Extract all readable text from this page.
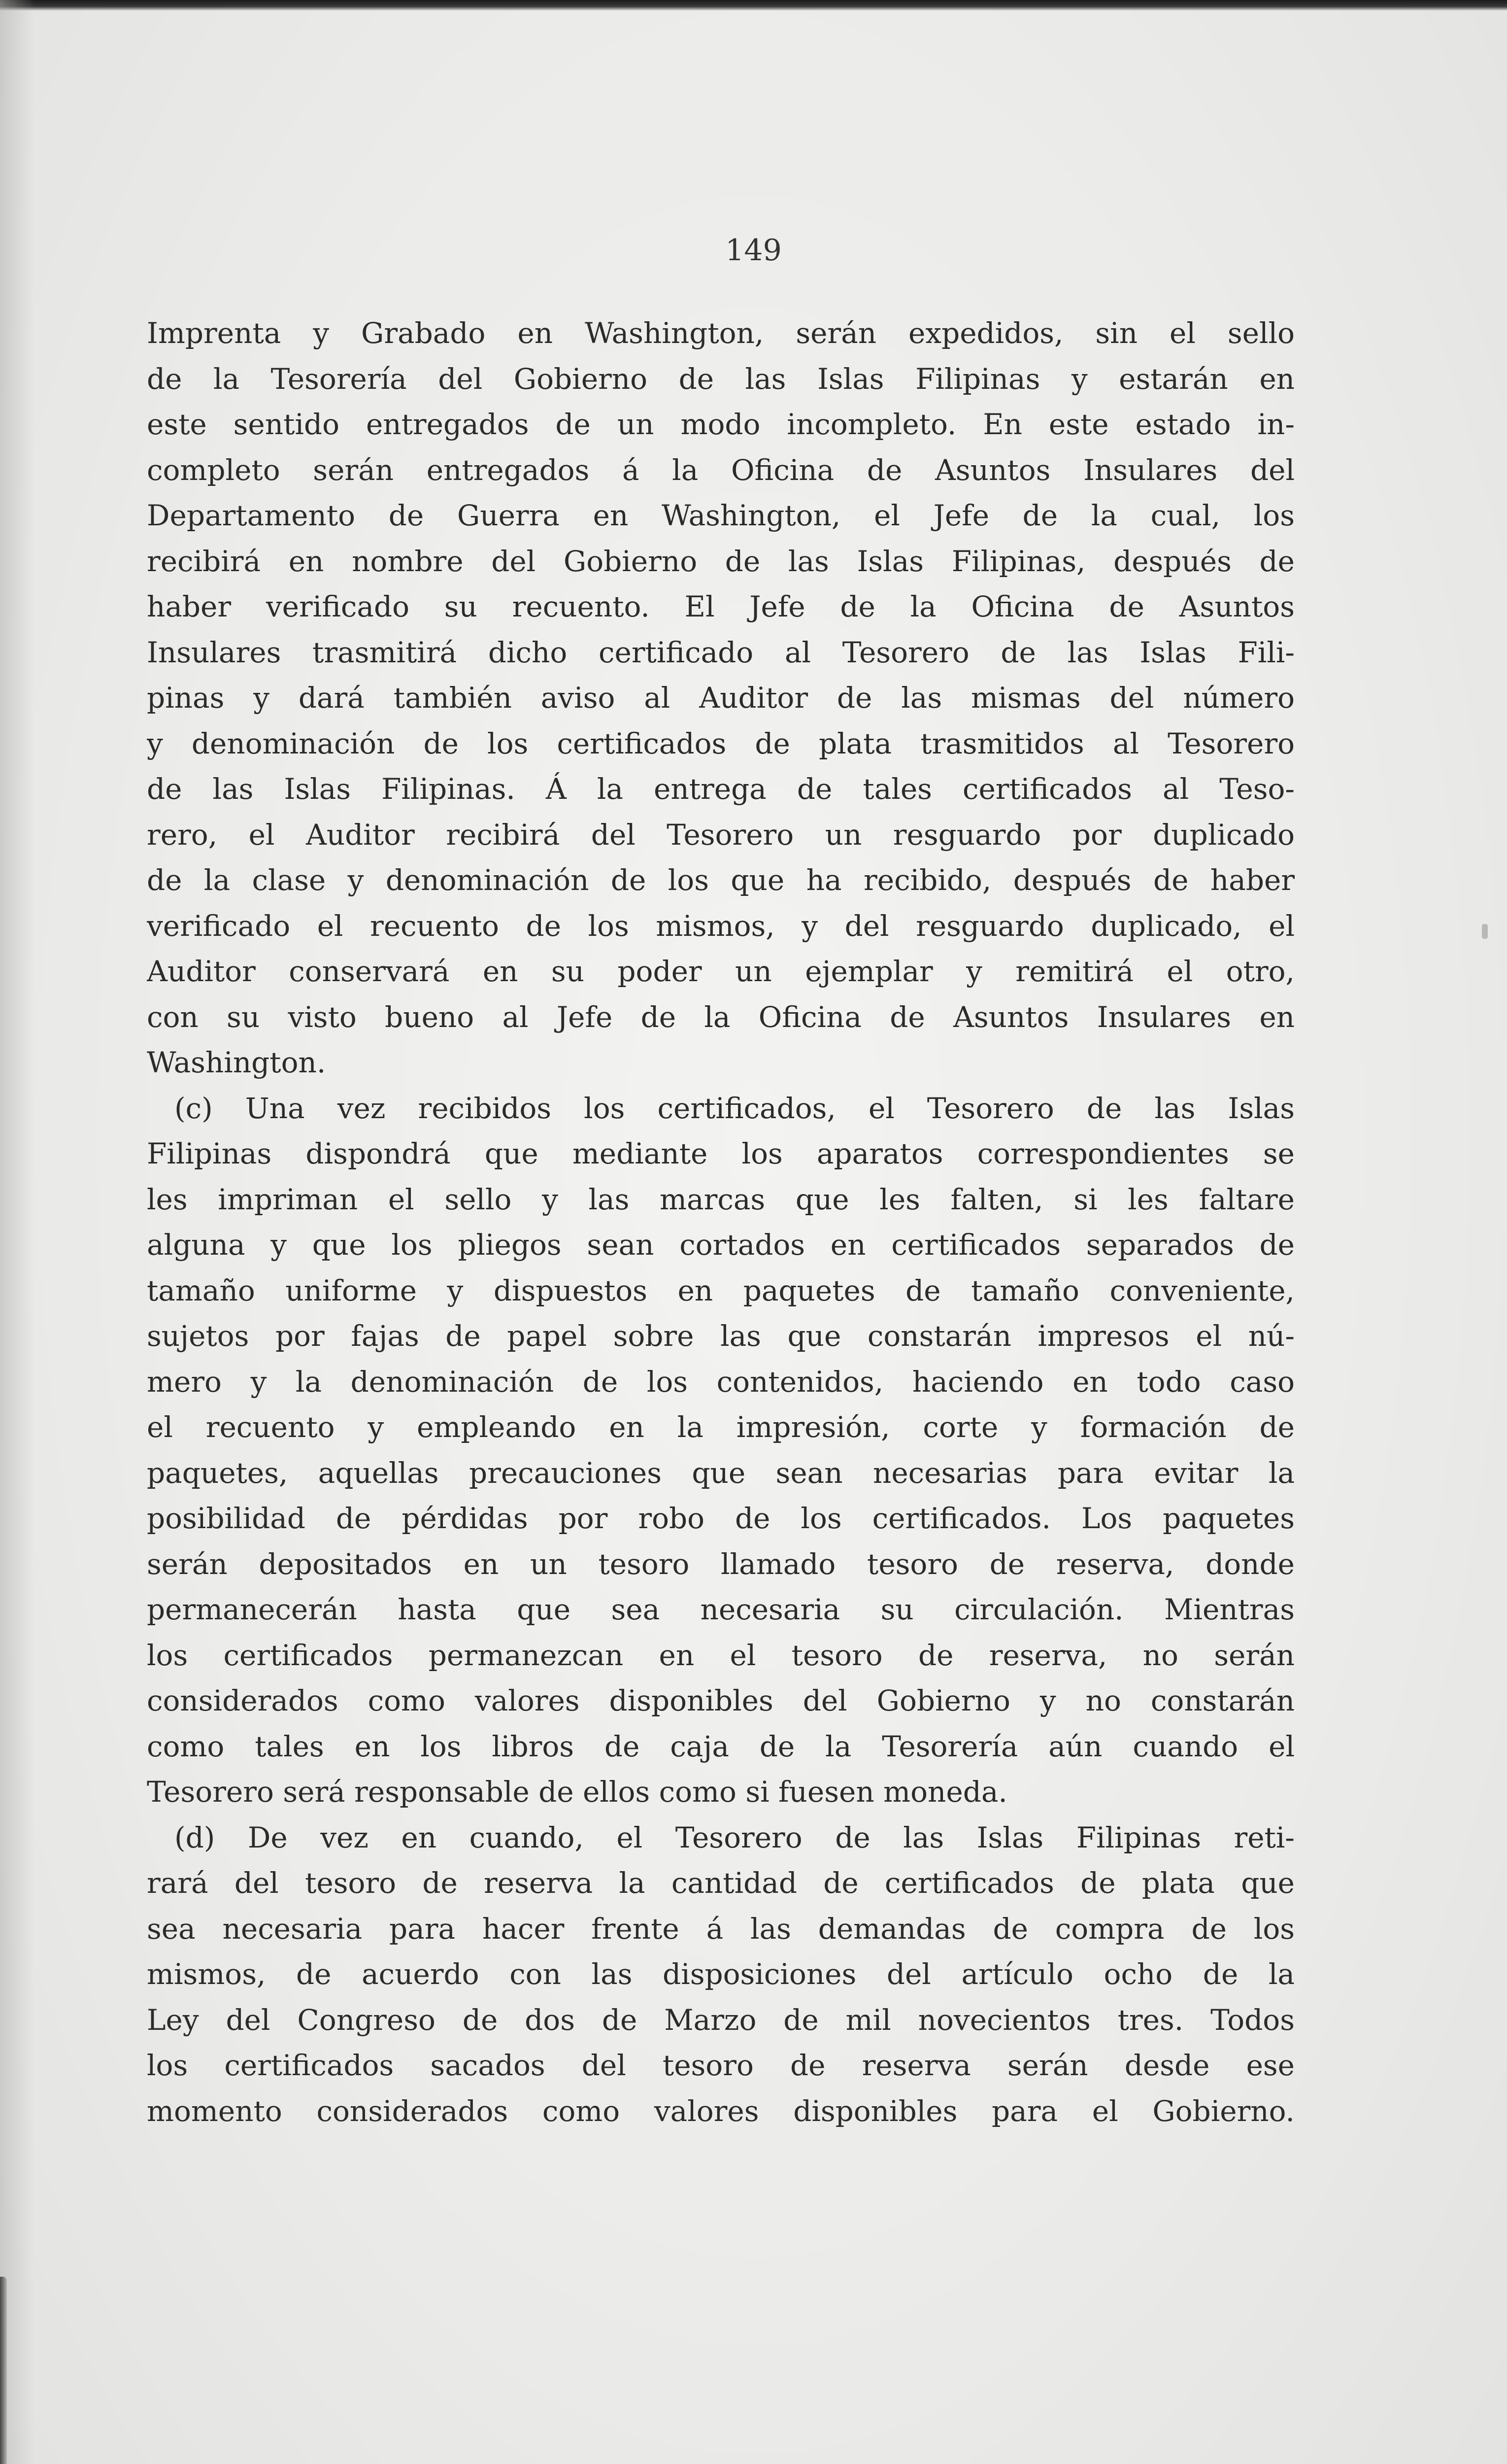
149
Imprenta y Grabado en Washington, serán expedidos, sin el sello
de la Tesorería del Gobierno de las Islas Filipinas y estarán en
este sentido entregados de un modo incompleto. En este estado in-
completo serán entregados á la Oficina de Asuntos Insulares del
Departamento de Guerra en Washington, el Jefe de la cual, los
recibirá en nombre del Gobierno de las Islas Filipinas, después de
haber verificado su recuento. El Jefe de la Oficina de Asuntos
Insulares trasmitirá dicho certificado al Tesorero de las Islas Fili-
pinas y dará también aviso al Auditor de las mismas del número
y denominación de los certificados de plata trasmitidos al Tesorero
de las Islas Filipinas. Á la entrega de tales certificados al Teso-
rero, el Auditor recibirá del Tesorero un resguardo por duplicado
de la clase y denominación de los que ha recibido, después de haber
verificado el recuento de los mismos, y del resguardo duplicado, el
Auditor conservará en su poder un ejemplar y remitirá el otro,
con su visto bueno al Jefe de la Oficina de Asuntos Insulares en
Washington.
(c) Una vez recibidos los certificados, el Tesorero de las Islas
Filipinas dispondrá que mediante los aparatos correspondientes se
les impriman el sello y las marcas que les falten, si les faltare
alguna y que los pliegos sean cortados en certificados separados de
tamaño uniforme y dispuestos en paquetes de tamaño conveniente,
sujetos por fajas de papel sobre las que constarán impresos el nú-
mero y la denominación de los contenidos, haciendo en todo caso
el recuento y empleando en la impresión, corte y formación de
paquetes, aquellas precauciones que sean necesarias para evitar la
posibilidad de pérdidas por robo de los certificados. Los paquetes
serán depositados en un tesoro llamado tesoro de reserva, donde
permanecerán hasta que sea necesaria su circulación. Mientras
los certificados permanezcan en el tesoro de reserva, no serán
considerados como valores disponibles del Gobierno y no constarán
como tales en los libros de caja de la Tesorería aún cuando el
Tesorero será responsable de ellos como si fuesen moneda.
(d) De vez en cuando, el Tesorero de las Islas Filipinas reti-
rará del tesoro de reserva la cantidad de certificados de plata que
sea necesaria para hacer frente á las demandas de compra de los
mismos, de acuerdo con las disposiciones del artículo ocho de la
Ley del Congreso de dos de Marzo de mil novecientos tres. Todos
los certificados sacados del tesoro de reserva serán desde ese
momento considerados como valores disponibles para el Gobierno.
